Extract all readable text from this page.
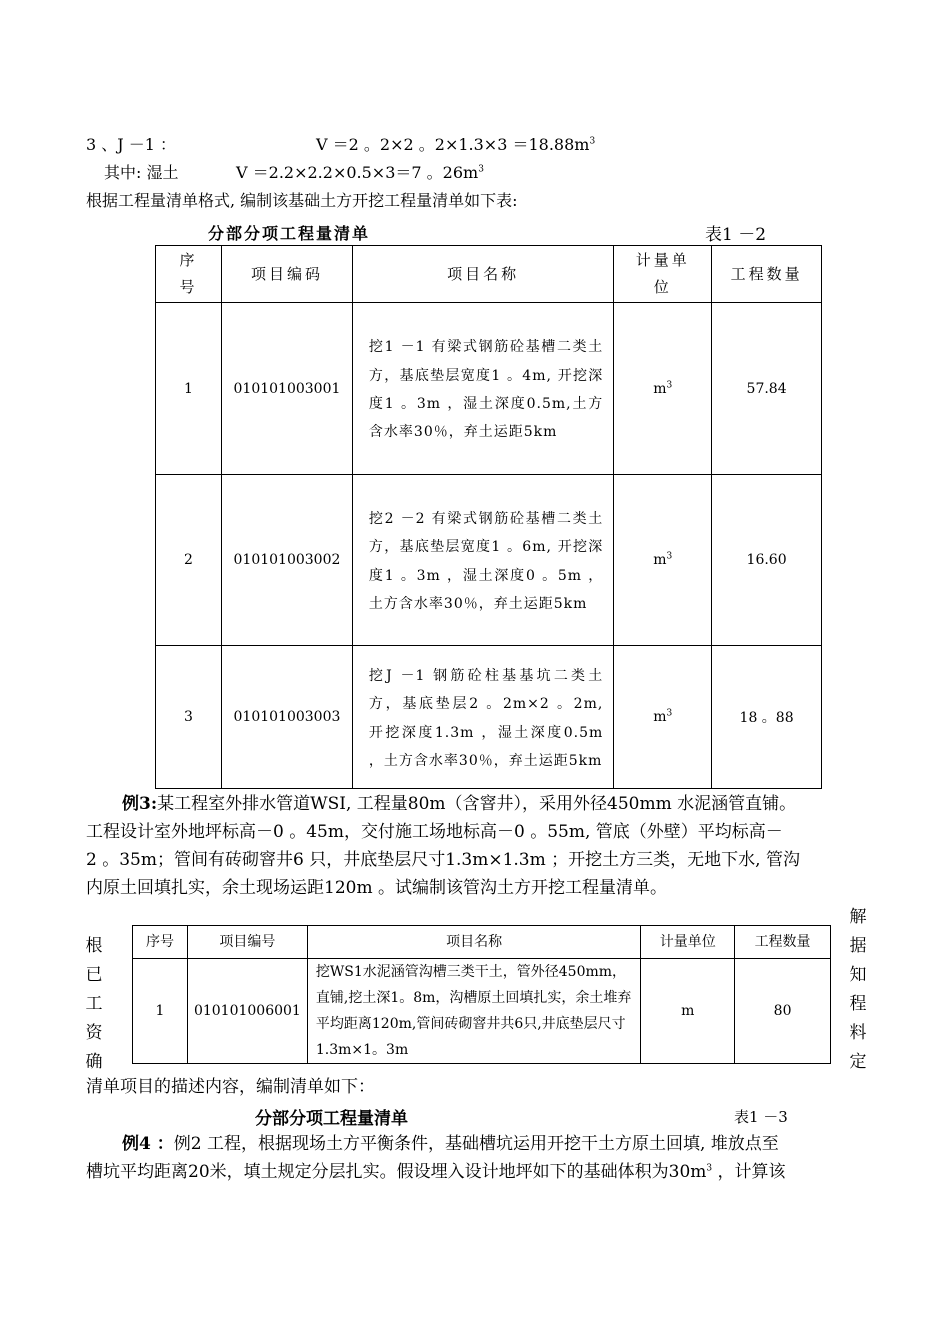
3 、J －1 ：	V ＝2 。2×2 。$2\times 1.3\times 3 =18.88m^3$
其中: 湿土	V ＝2.2×2.2×0.5×3＝7 。$26m^3$
根据工程量清单格式, 编制该基础土方开挖工程量清单如下表:
分部分项工程量清单	表1 －2
序号	项目编码	项目名称	计量单位	工程数量
1	010101003001	挖1 －1 有梁式钢筋砼基槽二类土方，基底垫层宽度1 。4m, 开挖深度1 。3m ，湿土深度0.5m,土方含水率30％，弃土运距5km	$m^3$	57.84
2	010101003002	挖2 －2 有梁式钢筋砼基槽二类土方，基底垫层宽度1 。6m, 开挖深度1 。3m ，湿土深度0 。5m ，土方含水率30％，弃土运距5km	$m^3$	16.60
3	010101003003	挖J －1 钢筋砼柱基基坑二类土方，基底垫层2 。2m×2 。2m, 开挖深度1.3m ，湿土深度0.5m ，土方含水率30％，弃土运距5km	$m^3$	18 。88
例3:某工程室外排水管道WSI, 工程量80m（含窨井），采用外径450mm 水泥涵管直铺。
工程设计室外地坪标高－0 。45m，交付施工场地标高－0 。55m, 管底（外壁）平均标高－
2 。35m；管间有砖砌窨井6 只，井底垫层尺寸1.3m×1.3m ；开挖土方三类，无地下水, 管沟
内原土回填扎实，余土现场运距120m 。试编制该管沟土方开挖工程量清单。
根
已
工
资
确
解
据
知
程
料
定
序号	项目编号	项目名称	计量单位	工程数量
1	010101006001	挖WS1水泥涵管沟槽三类干土，管外径450mm，直铺,挖土深1。8m，沟槽原土回填扎实，余土堆弃平均距离120m,管间砖砌窨井共6只,井底垫层尺寸1.3m×1。3m	m	80
清单项目的描述内容，编制清单如下：
分部分项工程量清单	表1 －3
例4 ：例2 工程，根据现场土方平衡条件，基础槽坑运用开挖干土方原土回填, 堆放点至
槽坑平均距离20米，填土规定分层扎实。假设埋入设计地坪如下的基础体积为$30m^3$ ，计算该
